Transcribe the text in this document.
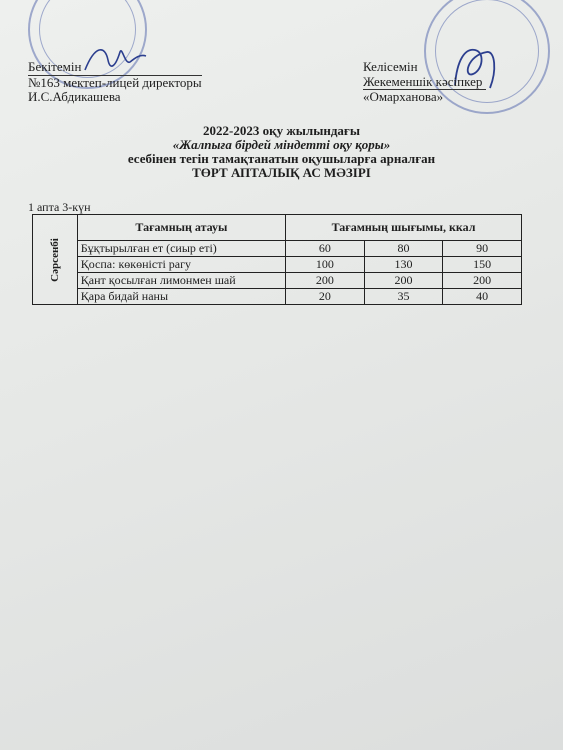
Бекітемін
№163 мектеп-лицей директоры
И.С.Абдикашева
Келісемін
Жекеменшік кәсіпкер
«Омарханова»
2022-2023 оқу жылындағы
«Жалпыға бірдей міндетті оқу қоры»
есебінен тегін тамақтанатын оқушыларға арналған
ТӨРТ АПТАЛЫҚ АС МӘЗІРІ
1 апта 3-күн
Сәрсенбі	Тағамның атауы	Тағамның шығымы, ккал		
	Бұқтырылған ет (сиыр еті)	60	80	90
	Қоспа: көкөністі рагу	100	130	150
	Қант қосылған лимонмен шай	200	200	200
	Қара бидай наны	20	35	40
